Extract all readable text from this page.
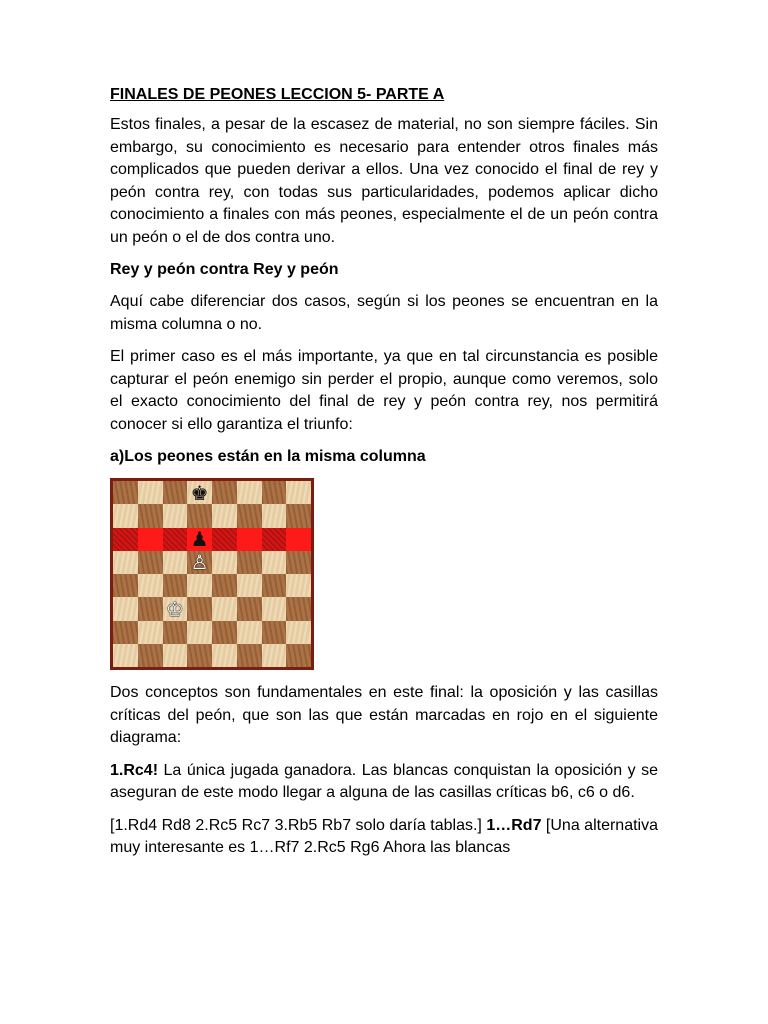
FINALES DE PEONES LECCION 5- PARTE A

Estos finales, a pesar de la escasez de material, no son siempre fáciles. Sin embargo, su conocimiento es necesario para entender otros finales más complicados que pueden derivar a ellos. Una vez conocido el final de rey y peón contra rey, con todas sus particularidades, podemos aplicar dicho conocimiento a finales con más peones, especialmente el de un peón contra un peón o el de dos contra uno.

Rey y peón contra Rey y peón

Aquí cabe diferenciar dos casos, según si los peones se encuentran en la misma columna o no.

El primer caso es el más importante, ya que en tal circunstancia es posible capturar el peón enemigo sin perder el propio, aunque como veremos, solo el exacto conocimiento del final de rey y peón contra rey, nos permitirá conocer si ello garantiza el triunfo:

a)Los peones están en la misma columna
♚
♟
♙
♔

Dos conceptos son fundamentales en este final: la oposición y las casillas críticas del peón, que son las que están marcadas en rojo en el siguiente diagrama:

1.Rc4! La única jugada ganadora. Las blancas conquistan la oposición y se aseguran de este modo llegar a alguna de las casillas críticas b6, c6 o d6.

[1.Rd4 Rd8 2.Rc5 Rc7 3.Rb5 Rb7 solo daría tablas.] 1…Rd7 [Una alternativa muy interesante es 1…Rf7 2.Rc5 Rg6 Ahora las blancas
